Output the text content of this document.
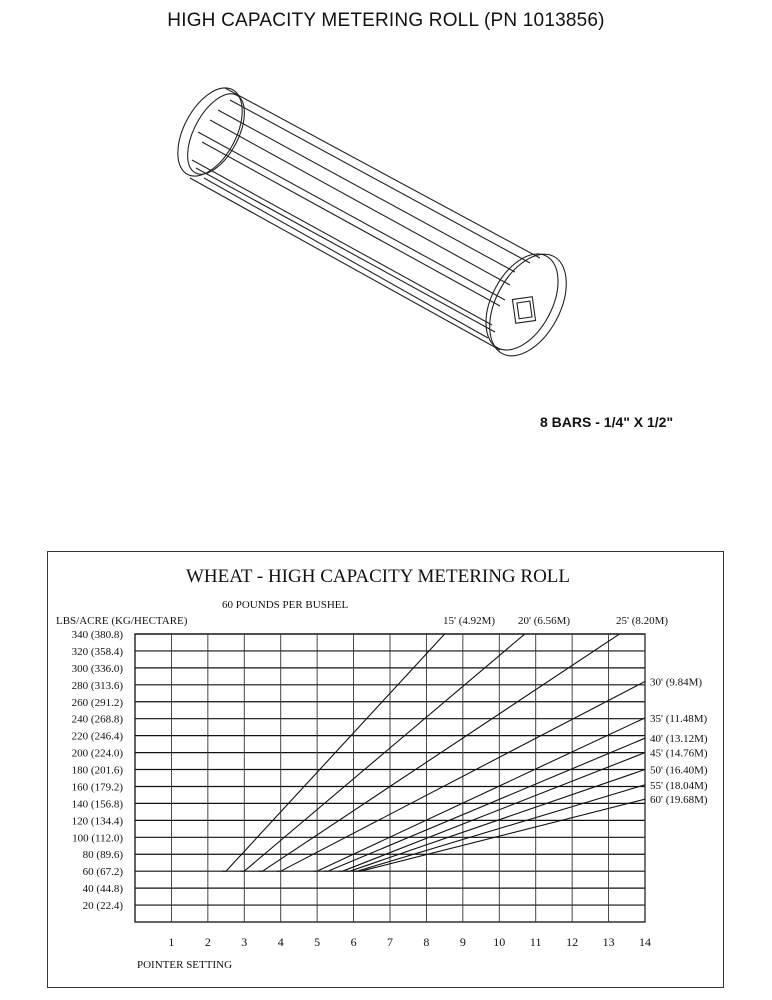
HIGH CAPACITY METERING ROLL (PN 1013856)
8 BARS - 1/4" X 1/2"
WHEAT - HIGH CAPACITY METERING ROLL
60 POUNDS PER BUSHEL
LBS/ACRE (KG/HECTARE)
POINTER SETTING
340 (380.8)
320 (358.4)
300 (336.0)
280 (313.6)
260 (291.2)
240 (268.8)
220 (246.4)
200 (224.0)
180 (201.6)
160 (179.2)
140 (156.8)
120 (134.4)
100 (112.0)
80 (89.6)
60 (67.2)
40 (44.8)
20 (22.4)
1	2	3	4	5	6	7	8	9 10 11 12 13 14
15' (4.92M) 20' (6.56M)	25' (8.20M)
30' (9.84M)
35' (11.48M)
40' (13.12M)
45' (14.76M)
50' (16.40M)
55' (18.04M)
60' (19.68M)
